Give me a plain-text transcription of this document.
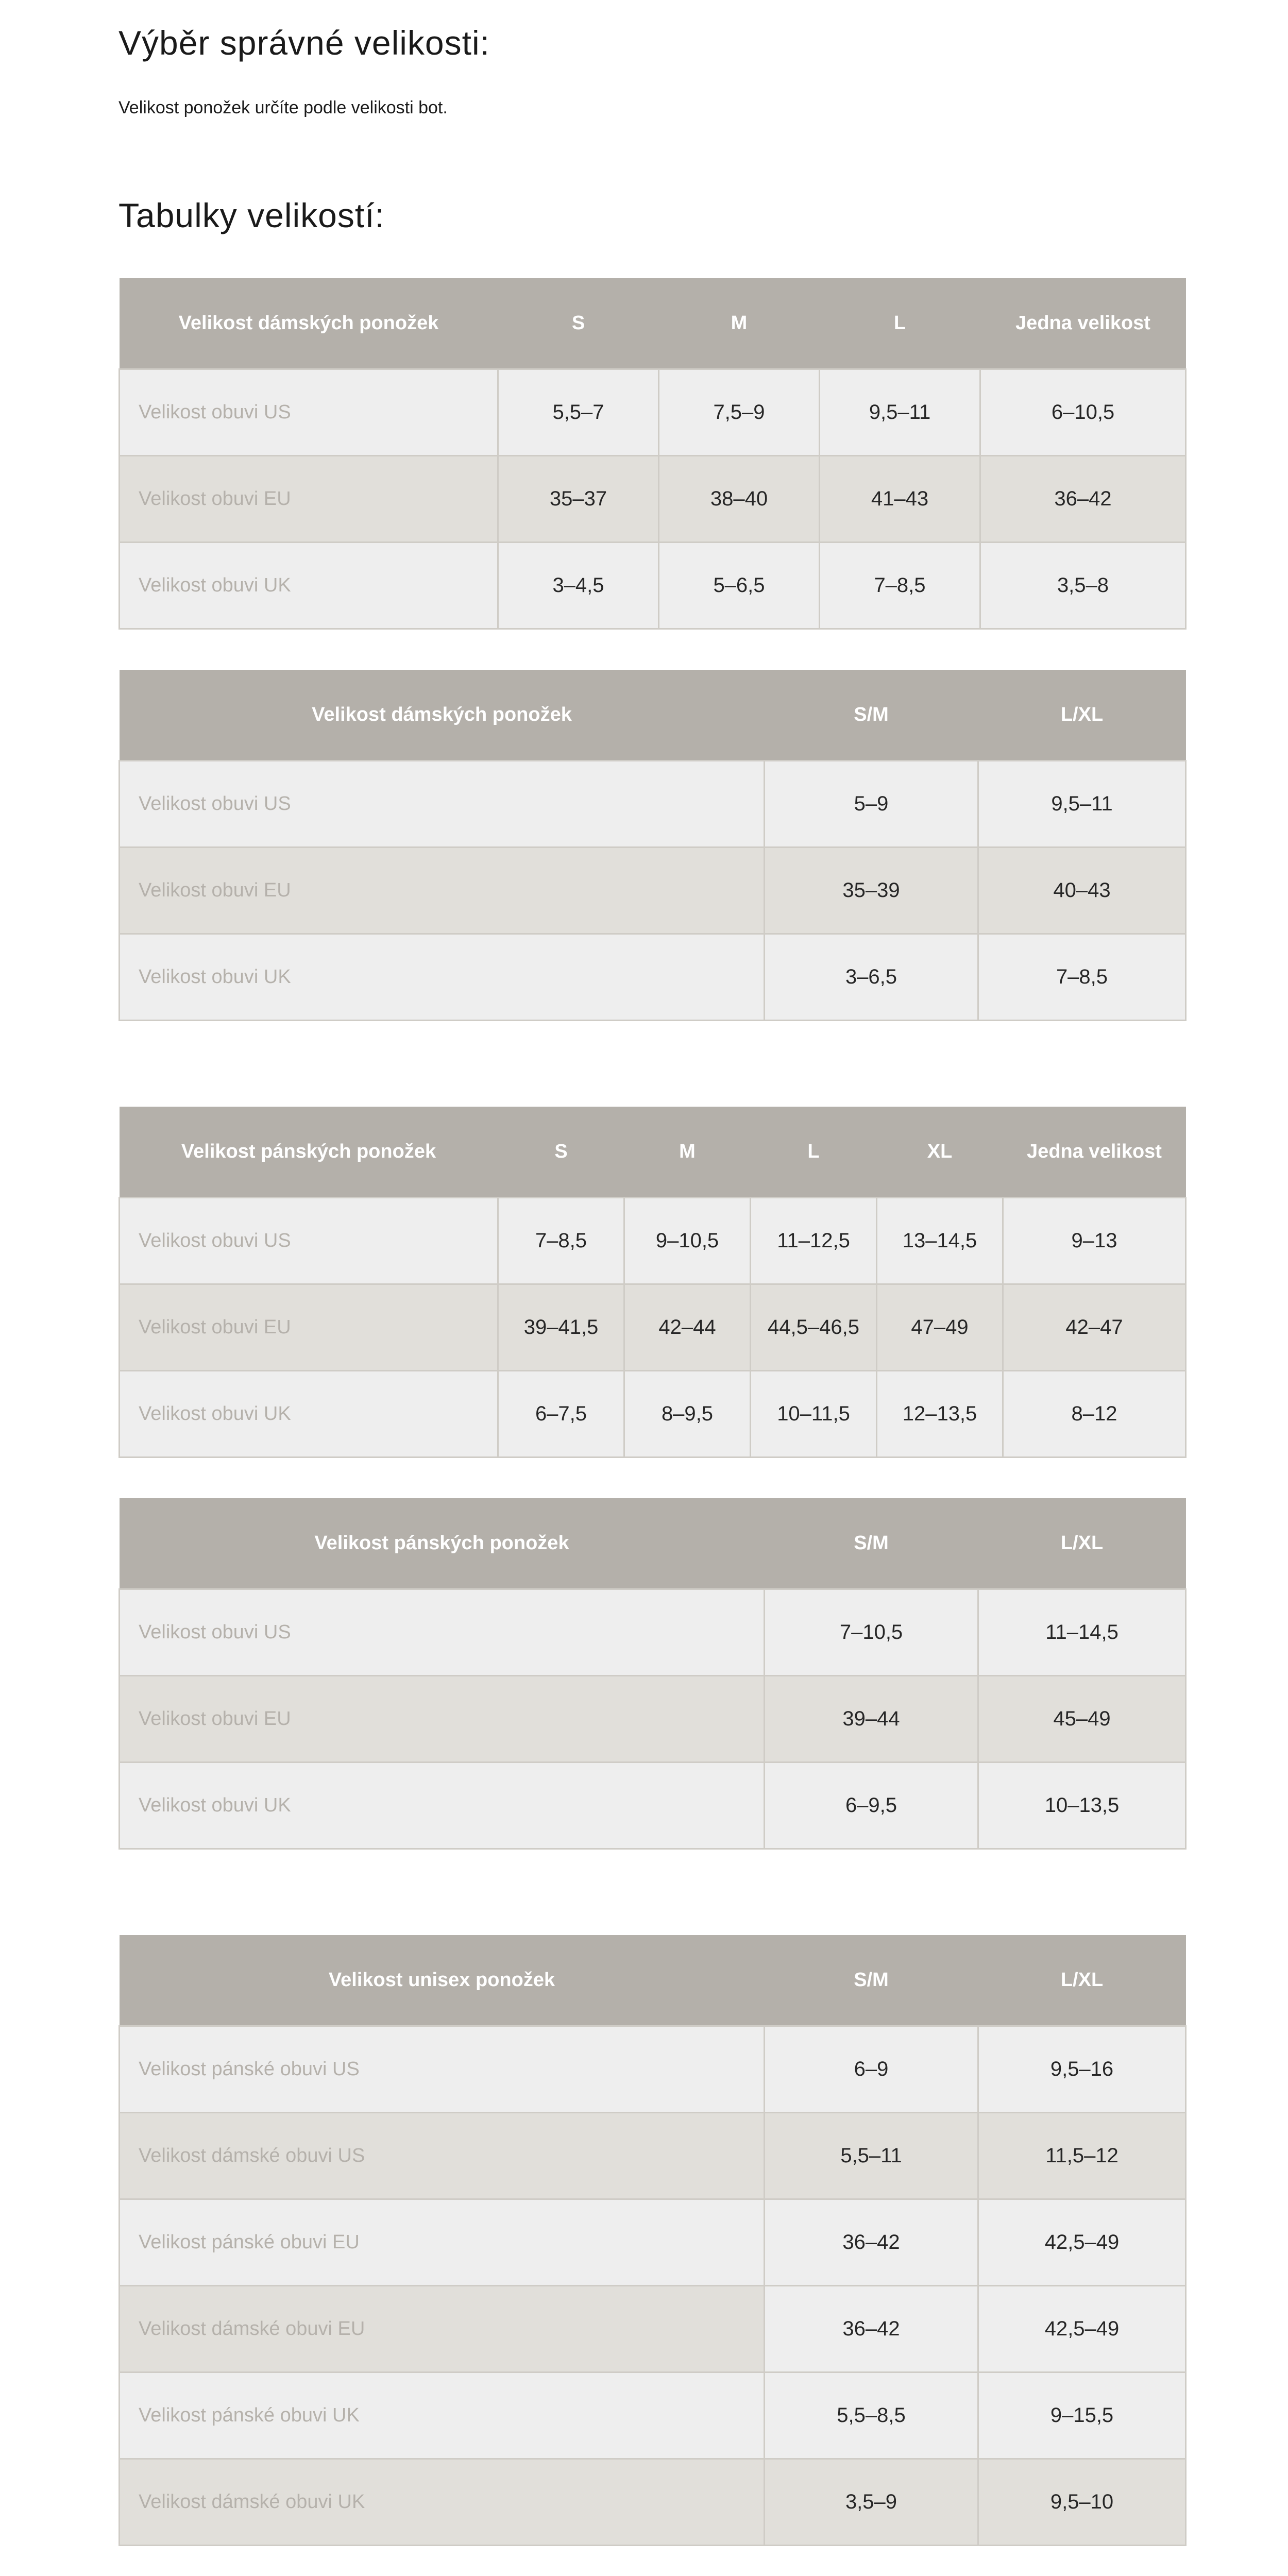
Výběr správné velikosti:

Velikost ponožek určíte podle velikosti bot.

Tabulky velikostí:
Velikost dámských ponožek	S	M	L	Jedna velikost
Velikost obuvi US	5,5–7	7,5–9	9,5–11	6–10,5
Velikost obuvi EU	35–37	38–40	41–43	36–42
Velikost obuvi UK	3–4,5	5–6,5	7–8,5	3,5–8
Velikost dámských ponožek	S/M	L/XL
Velikost obuvi US	5–9	9,5–11
Velikost obuvi EU	35–39	40–43
Velikost obuvi UK	3–6,5	7–8,5
Velikost pánských ponožek	S	M	L	XL	Jedna velikost
Velikost obuvi US	7–8,5	9–10,5	11–12,5	13–14,5	9–13
Velikost obuvi EU	39–41,5	42–44	44,5–46,5	47–49	42–47
Velikost obuvi UK	6–7,5	8–9,5	10–11,5	12–13,5	8–12
Velikost pánských ponožek	S/M	L/XL
Velikost obuvi US	7–10,5	11–14,5
Velikost obuvi EU	39–44	45–49
Velikost obuvi UK	6–9,5	10–13,5
Velikost unisex ponožek	S/M	L/XL
Velikost pánské obuvi US	6–9	9,5–16
Velikost dámské obuvi US	5,5–11	11,5–12
Velikost pánské obuvi EU	36–42	42,5–49
Velikost dámské obuvi EU	36–42	42,5–49
Velikost pánské obuvi UK	5,5–8,5	9–15,5
Velikost dámské obuvi UK	3,5–9	9,5–10
